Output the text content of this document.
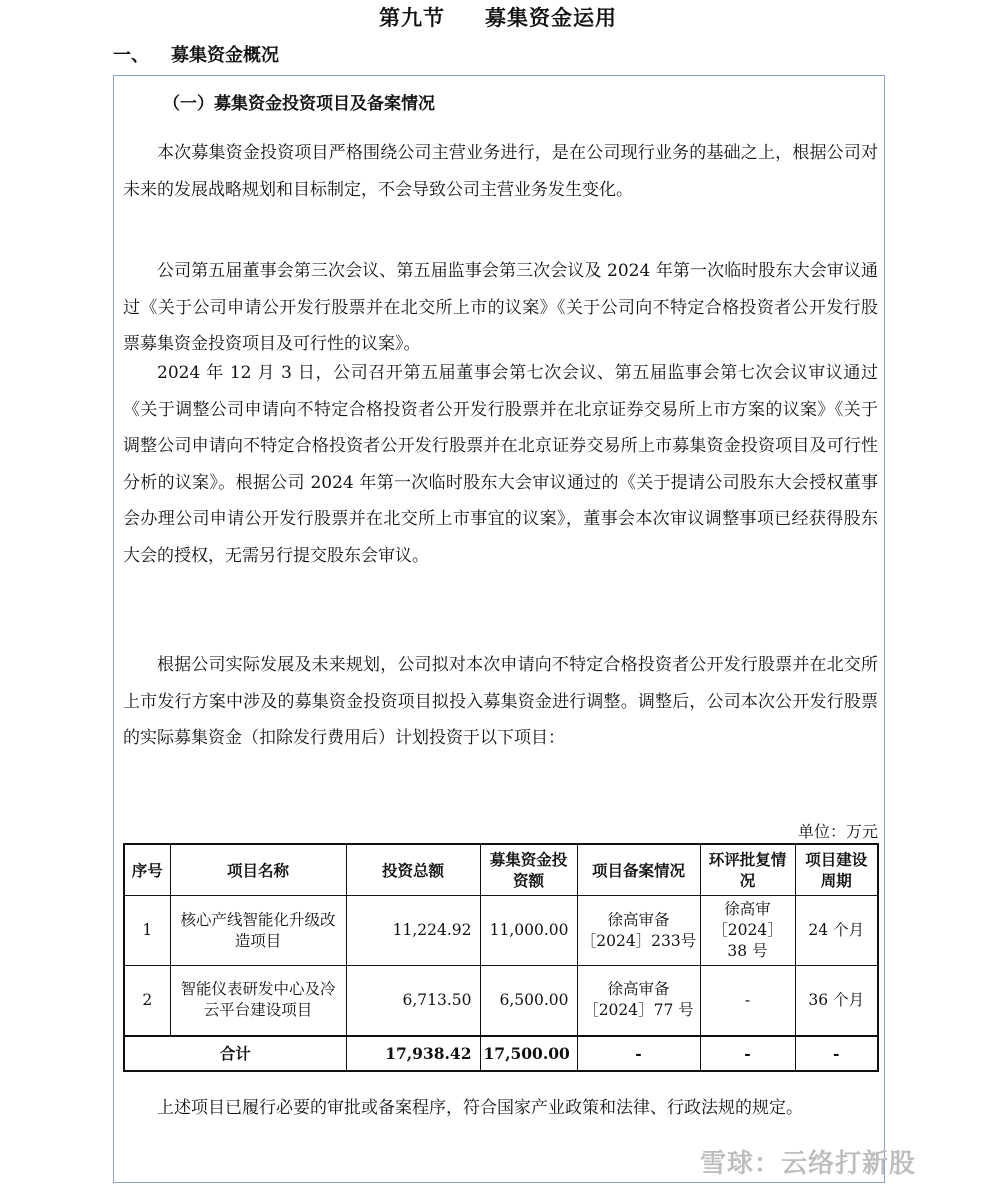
第九节 募集资金运用
一、 募集资金概况
（一）募集资金投资项目及备案情况

本次募集资金投资项目严格围绕公司主营业务进行，是在公司现行业务的基础之上，根据公司对未来的发展战略规划和目标制定，不会导致公司主营业务发生变化。

公司第五届董事会第三次会议、第五届监事会第三次会议及 2024 年第一次临时股东大会审议通过《关于公司申请公开发行股票并在北交所上市的议案》《关于公司向不特定合格投资者公开发行股票募集资金投资项目及可行性的议案》。

2024 年 12 月 3 日，公司召开第五届董事会第七次会议、第五届监事会第七次会议审议通过《关于调整公司申请向不特定合格投资者公开发行股票并在北京证券交易所上市方案的议案》《关于调整公司申请向不特定合格投资者公开发行股票并在北京证券交易所上市募集资金投资项目及可行性分析的议案》。根据公司 2024 年第一次临时股东大会审议通过的《关于提请公司股东大会授权董事会办理公司申请公开发行股票并在北交所上市事宜的议案》，董事会本次审议调整事项已经获得股东大会的授权，无需另行提交股东会审议。

根据公司实际发展及未来规划，公司拟对本次申请向不特定合格投资者公开发行股票并在北交所上市发行方案中涉及的募集资金投资项目拟投入募集资金进行调整。调整后，公司本次公开发行股票的实际募集资金（扣除发行费用后）计划投资于以下项目：

单位：万元
序号	项目名称	投资总额	募集资金投资额	项目备案情况	环评批复情况	项目建设周期
1	核心产线智能化升级改造项目	11,224.92	11,000.00	徐高审备［2024］233号	徐高审［2024］38 号	24 个月
2	智能仪表研发中心及冷云平台建设项目	6,713.50	6,500.00	徐高审备［2024］77 号	-	36 个月
合计		17,938.42	17,500.00	-	-	-

上述项目已履行必要的审批或备案程序，符合国家产业政策和法律、行政法规的规定。

雪球：云络打新股
